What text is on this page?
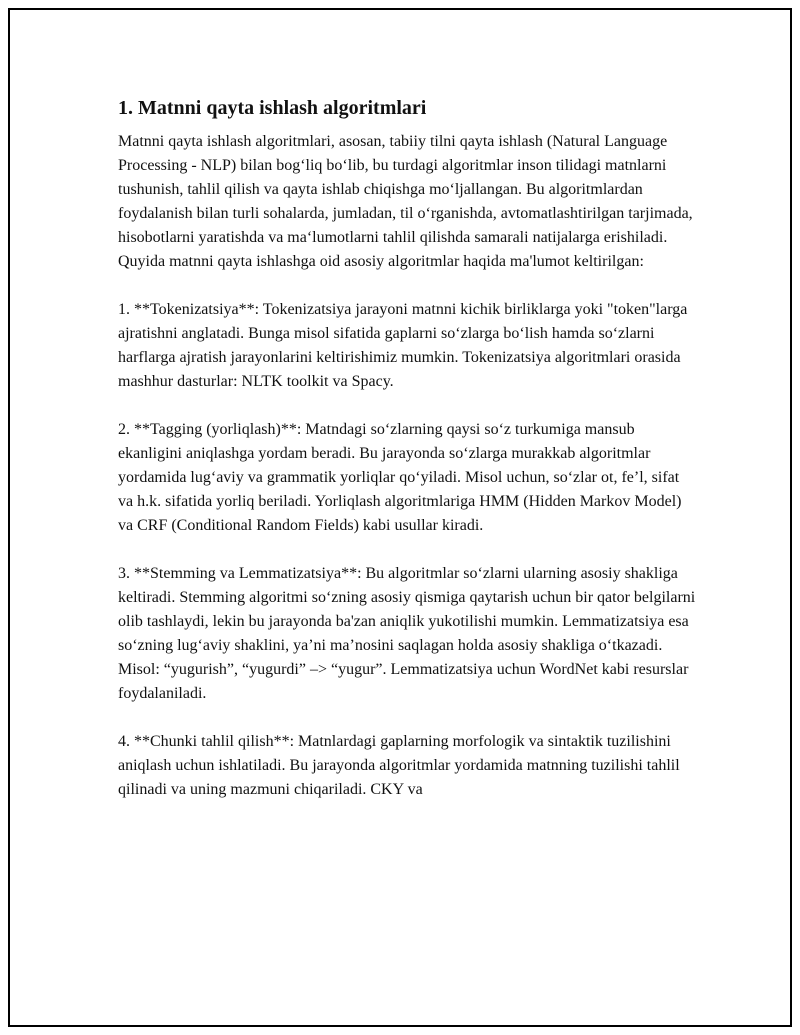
1. Matnni qayta ishlash algoritmlari

Matnni qayta ishlash algoritmlari, asosan, tabiiy tilni qayta ishlash (Natural Language Processing - NLP) bilan bog‘liq bo‘lib, bu turdagi algoritmlar inson tilidagi matnlarni tushunish, tahlil qilish va qayta ishlab chiqishga mo‘ljallangan. Bu algoritmlardan foydalanish bilan turli sohalarda, jumladan, til o‘rganishda, avtomatlashtirilgan tarjimada, hisobotlarni yaratishda va ma‘lumotlarni tahlil qilishda samarali natijalarga erishiladi. Quyida matnni qayta ishlashga oid asosiy algoritmlar haqida ma'lumot keltirilgan:

1. **Tokenizatsiya**: Tokenizatsiya jarayoni matnni kichik birliklarga yoki "token"larga ajratishni anglatadi. Bunga misol sifatida gaplarni so‘zlarga bo‘lish hamda so‘zlarni harflarga ajratish jarayonlarini keltirishimiz mumkin. Tokenizatsiya algoritmlari orasida mashhur dasturlar: NLTK toolkit va Spacy.

2. **Tagging (yorliqlash)**: Matndagi so‘zlarning qaysi so‘z turkumiga mansub ekanligini aniqlashga yordam beradi. Bu jarayonda so‘zlarga murakkab algoritmlar yordamida lug‘aviy va grammatik yorliqlar qo‘yiladi. Misol uchun, so‘zlar ot, fe’l, sifat va h.k. sifatida yorliq beriladi. Yorliqlash algoritmlariga HMM (Hidden Markov Model) va CRF (Conditional Random Fields) kabi usullar kiradi.

3. **Stemming va Lemmatizatsiya**: Bu algoritmlar so‘zlarni ularning asosiy shakliga keltiradi. Stemming algoritmi so‘zning asosiy qismiga qaytarish uchun bir qator belgilarni olib tashlaydi, lekin bu jarayonda ba'zan aniqlik yukotilishi mumkin. Lemmatizatsiya esa so‘zning lug‘aviy shaklini, ya’ni ma’nosini saqlagan holda asosiy shakliga o‘tkazadi. Misol: “yugurish”, “yugurdi” –> “yugur”. Lemmatizatsiya uchun WordNet kabi resurslar foydalaniladi.

4. **Chunki tahlil qilish**: Matnlardagi gaplarning morfologik va sintaktik tuzilishini aniqlash uchun ishlatiladi. Bu jarayonda algoritmlar yordamida matnning tuzilishi tahlil qilinadi va uning mazmuni chiqariladi. CKY va
